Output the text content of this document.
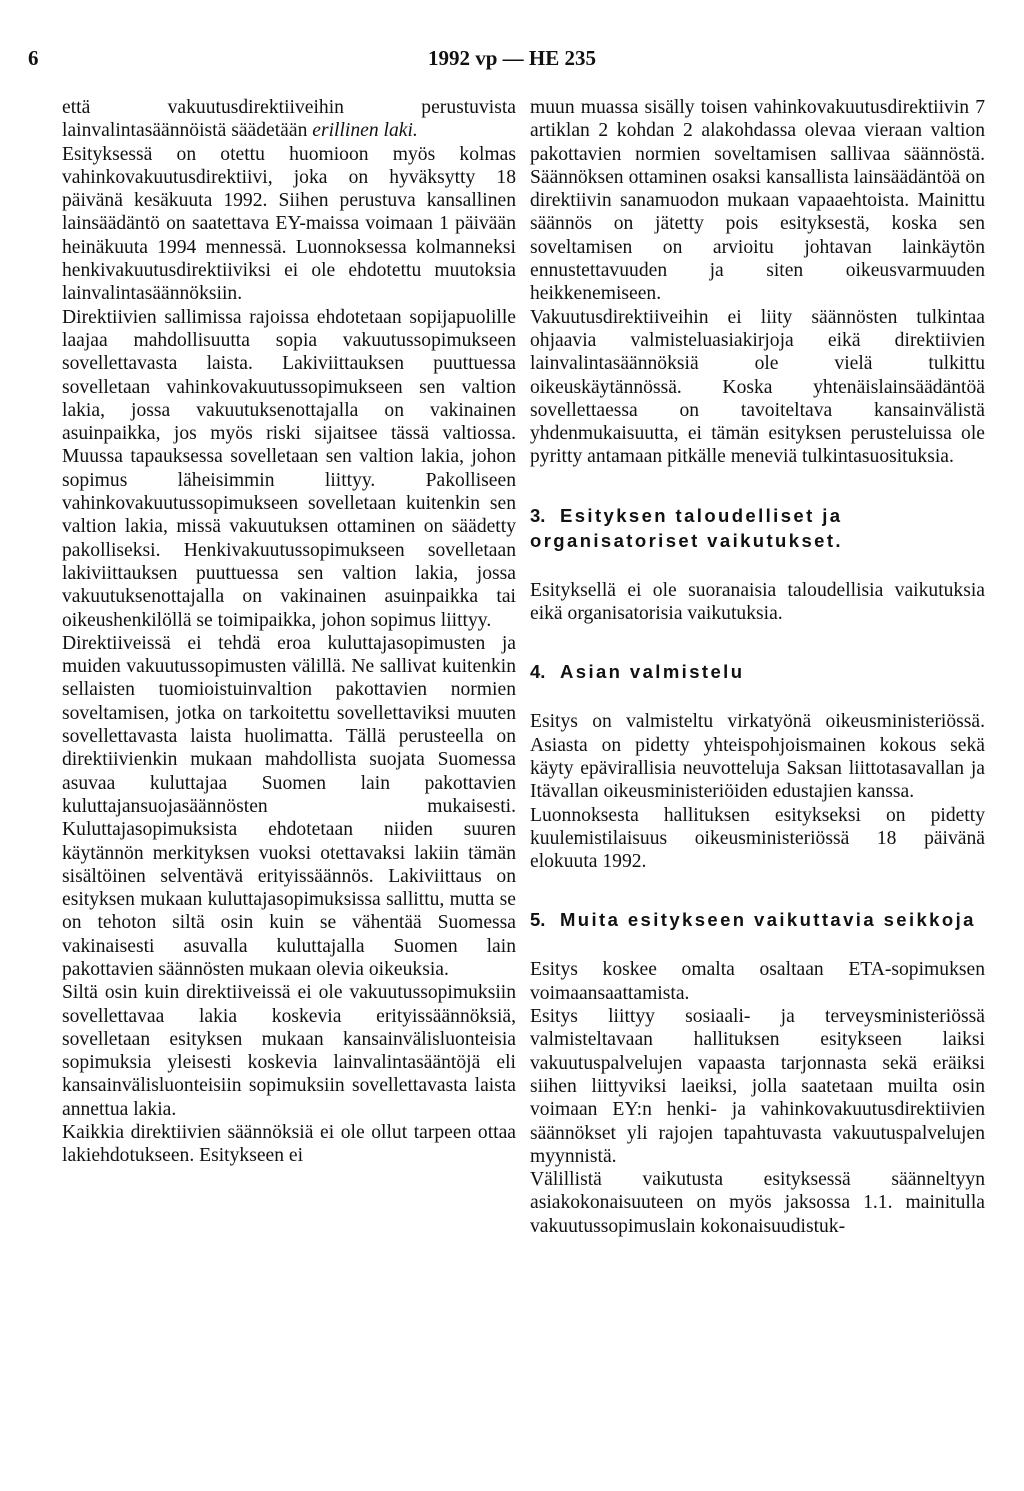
6	1992 vp — HE 235

että vakuutusdirektiiveihin perustuvista lainvalintasäännöistä säädetään erillinen laki.

Esityksessä on otettu huomioon myös kolmas vahinkovakuutusdirektiivi, joka on hyväksytty 18 päivänä kesäkuuta 1992. Siihen perustuva kansallinen lainsäädäntö on saatettava EY-maissa voimaan 1 päivään heinäkuuta 1994 mennessä. Luonnoksessa kolmanneksi henkivakuutusdirektiiviksi ei ole ehdotettu muutoksia lainvalintasäännöksiin.

Direktiivien sallimissa rajoissa ehdotetaan sopijapuolille laajaa mahdollisuutta sopia vakuutussopimukseen sovellettavasta laista. Lakiviittauksen puuttuessa sovelletaan vahinkovakuutussopimukseen sen valtion lakia, jossa vakuutuksenottajalla on vakinainen asuinpaikka, jos myös riski sijaitsee tässä valtiossa. Muussa tapauksessa sovelletaan sen valtion lakia, johon sopimus läheisimmin liittyy. Pakolliseen vahinkovakuutussopimukseen sovelletaan kuitenkin sen valtion lakia, missä vakuutuksen ottaminen on säädetty pakolliseksi. Henkivakuutussopimukseen sovelletaan lakiviittauksen puuttuessa sen valtion lakia, jossa vakuutuksenottajalla on vakinainen asuinpaikka tai oikeushenkilöllä se toimipaikka, johon sopimus liittyy.

Direktiiveissä ei tehdä eroa kuluttajasopimusten ja muiden vakuutussopimusten välillä. Ne sallivat kuitenkin sellaisten tuomioistuinvaltion pakottavien normien soveltamisen, jotka on tarkoitettu sovellettaviksi muuten sovellettavasta laista huolimatta. Tällä perusteella on direktiivienkin mukaan mahdollista suojata Suomessa asuvaa kuluttajaa Suomen lain pakottavien kuluttajansuojasäännösten mukaisesti. Kuluttajasopimuksista ehdotetaan niiden suuren käytännön merkityksen vuoksi otettavaksi lakiin tämän sisältöinen selventävä erityissäännös. Lakiviittaus on esityksen mukaan kuluttajasopimuksissa sallittu, mutta se on tehoton siltä osin kuin se vähentää Suomessa vakinaisesti asuvalla kuluttajalla Suomen lain pakottavien säännösten mukaan olevia oikeuksia.

Siltä osin kuin direktiiveissä ei ole vakuutussopimuksiin sovellettavaa lakia koskevia erityissäännöksiä, sovelletaan esityksen mukaan kansainvälisluonteisia sopimuksia yleisesti koskevia lainvalintasääntöjä eli kansainvälisluonteisiin sopimuksiin sovellettavasta laista annettua lakia.

Kaikkia direktiivien säännöksiä ei ole ollut tarpeen ottaa lakiehdotukseen. Esitykseen ei

muun muassa sisälly toisen vahinkovakuutusdirektiivin 7 artiklan 2 kohdan 2 alakohdassa olevaa vieraan valtion pakottavien normien soveltamisen sallivaa säännöstä. Säännöksen ottaminen osaksi kansallista lainsäädäntöä on direktiivin sanamuodon mukaan vapaaehtoista. Mainittu säännös on jätetty pois esityksestä, koska sen soveltamisen on arvioitu johtavan lainkäytön ennustettavuuden ja siten oikeusvarmuuden heikkenemiseen.

Vakuutusdirektiiveihin ei liity säännösten tulkintaa ohjaavia valmisteluasiakirjoja eikä direktiivien lainvalintasäännöksiä ole vielä tulkittu oikeuskäytännössä. Koska yhtenäislainsäädäntöä sovellettaessa on tavoiteltava kansainvälistä yhdenmukaisuutta, ei tämän esityksen perusteluissa ole pyritty antamaan pitkälle meneviä tulkintasuosituksia.

3. Esityksen taloudelliset ja organisatoriset vaikutukset.

Esityksellä ei ole suoranaisia taloudellisia vaikutuksia eikä organisatorisia vaikutuksia.

4. Asian valmistelu

Esitys on valmisteltu virkatyönä oikeusministeriössä. Asiasta on pidetty yhteispohjoismainen kokous sekä käyty epävirallisia neuvotteluja Saksan liittotasavallan ja Itävallan oikeusministeriöiden edustajien kanssa.

Luonnoksesta hallituksen esitykseksi on pidetty kuulemistilaisuus oikeusministeriössä 18 päivänä elokuuta 1992.

5. Muita esitykseen vaikuttavia seikkoja

Esitys koskee omalta osaltaan ETA-sopimuksen voimaansaattamista.

Esitys liittyy sosiaali- ja terveysministeriössä valmisteltavaan hallituksen esitykseen laiksi vakuutuspalvelujen vapaasta tarjonnasta sekä eräiksi siihen liittyviksi laeiksi, jolla saatetaan muilta osin voimaan EY:n henki- ja vahinkovakuutusdirektiivien säännökset yli rajojen tapahtuvasta vakuutuspalvelujen myynnistä.

Välillistä vaikutusta esityksessä säänneltyyn asiakokonaisuuteen on myös jaksossa 1.1. mainitulla vakuutussopimuslain kokonaisuudistuk-
